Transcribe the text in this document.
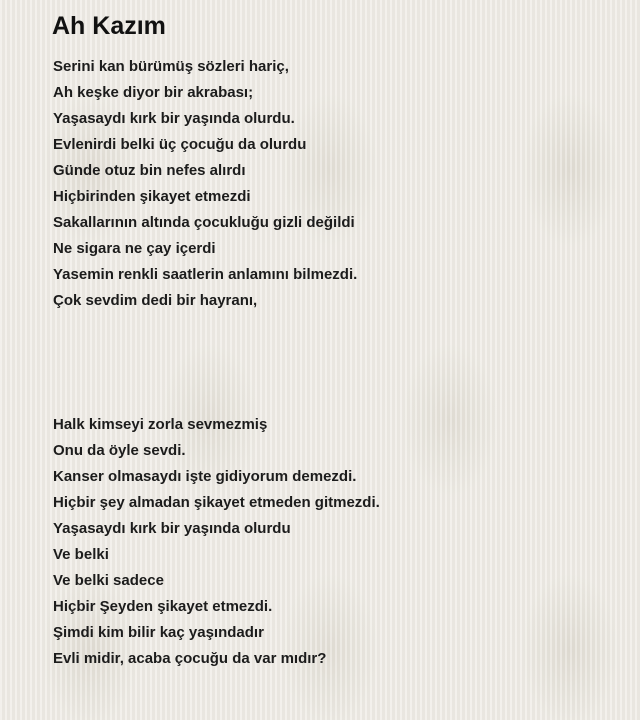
Ah Kazım
Serini kan bürümüş sözleri hariç,
Ah keşke diyor bir akrabası;
Yaşasaydı kırk bir yaşında olurdu.
Evlenirdi belki üç çocuğu da olurdu
Günde otuz bin nefes alırdı
Hiçbirinden şikayet etmezdi
Sakallarının altında çocukluğu gizli değildi
Ne sigara ne çay içerdi
Yasemin renkli saatlerin anlamını bilmezdi.
Çok sevdim dedi bir hayranı,
Halk kimseyi zorla sevmezmiş
Onu da öyle sevdi.
Kanser olmasaydı işte gidiyorum demezdi.
Hiçbir şey almadan şikayet etmeden gitmezdi.
Yaşasaydı kırk bir yaşında olurdu
Ve belki
Ve belki sadece
Hiçbir Şeyden şikayet etmezdi.
Şimdi kim bilir kaç yaşındadır
Evli midir, acaba çocuğu da var mıdır?
